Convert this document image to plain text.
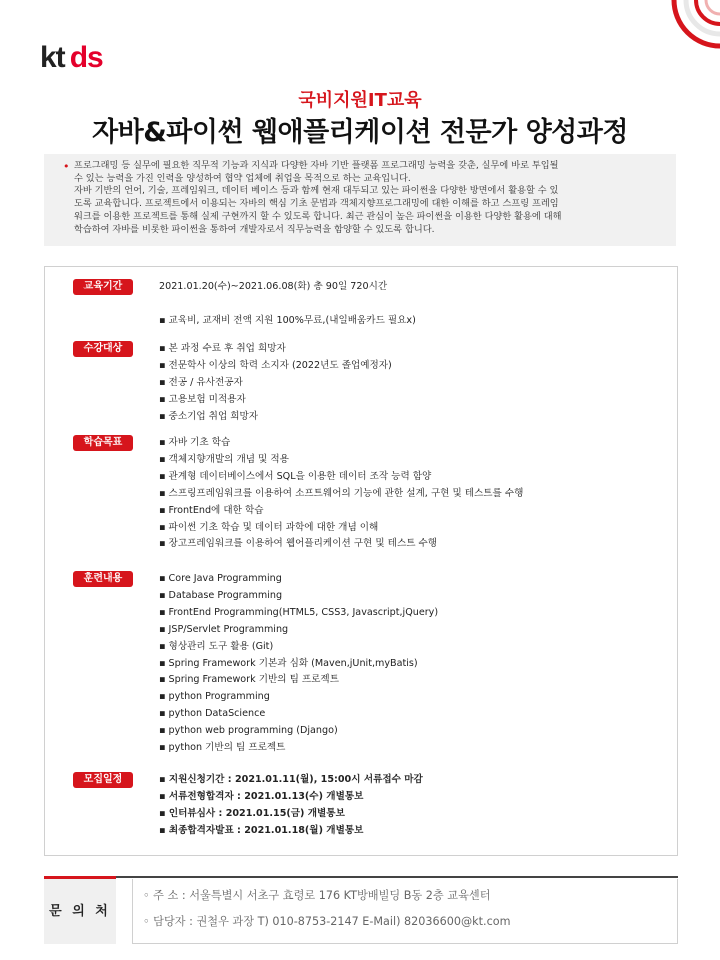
kt ds
국비지원IT교육
자바&파이썬 웹애플리케이션 전문가 양성과정
• 프로그래밍 등 실무에 필요한 직무적 기능과 지식과 다양한 자바 기반 플랫폼 프로그래밍 능력을 갖춘, 실무에 바로 투입될

수 있는 능력을 가진 인력을 양성하여 협약 업체에 취업을 목적으로 하는 교육입니다.

자바 기반의 언어, 기술, 프레임워크, 데이터 베이스 등과 함께 현재 대두되고 있는 파이썬을 다양한 방면에서 활용할 수 있

도록 교육합니다. 프로젝트에서 이용되는 자바의 핵심 기초 문법과 객체지향프로그래밍에 대한 이해를 하고 스프링 프레임

워크를 이용한 프로젝트를 통해 실제 구현까지 할 수 있도록 합니다. 최근 관심이 높은 파이썬을 이용한 다양한 활용에 대해

학습하여 자바를 비롯한 파이썬을 통하여 개발자로서 직무능력을 함양할 수 있도록 합니다.

교육기간	2021.01.20(수)~2021.06.08(화) 총 90일 720시간

▪ 교육비, 교재비 전액 지원 100%무료,(내일배움카드 필요x)
수강대상	▪ 본 과정 수료 후 취업 희망자
▪ 전문학사 이상의 학력 소지자 (2022년도 졸업예정자)
▪ 전공 / 유사전공자
▪ 고용보험 미적용자
▪ 중소기업 취업 희망자
학습목표	▪ 자바 기초 학습
▪ 객체지향개발의 개념 및 적용
▪ 관계형 데이터베이스에서 SQL을 이용한 데이터 조작 능력 함양
▪ 스프링프레임워크를 이용하여 소프트웨어의 기능에 관한 설계, 구현 및 테스트를 수행
▪ FrontEnd에 대한 학습
▪ 파이썬 기초 학습 및 데이터 과학에 대한 개념 이해
▪ 장고프레임워크를 이용하여 웹어플리케이션 구현 및 테스트 수행
훈련내용	▪ Core Java Programming
▪ Database Programming
▪ FrontEnd Programming(HTML5, CSS3, Javascript,jQuery)
▪ JSP/Servlet Programming
▪ 형상관리 도구 활용 (Git)
▪ Spring Framework 기본과 심화 (Maven,jUnit,myBatis)
▪ Spring Framework 기반의 팀 프로젝트
▪ python Programming
▪ python DataScience
▪ python web programming (Django)
▪ python 기반의 팀 프로젝트
모집일정	▪ 지원신청기간 : 2021.01.11(월), 15:00시 서류접수 마감
▪ 서류전형합격자 : 2021.01.13(수) 개별통보
▪ 인터뷰심사 : 2021.01.15(금) 개별통보
▪ 최종합격자발표 : 2021.01.18(월) 개별통보
문 의 처
◦ 주 소 : 서울특별시 서초구 효령로 176 KT방배빌딩 B동 2층 교육센터
◦ 담당자 : 권철우 과장 T) 010-8753-2147 E-Mail) 82036600@kt.com
